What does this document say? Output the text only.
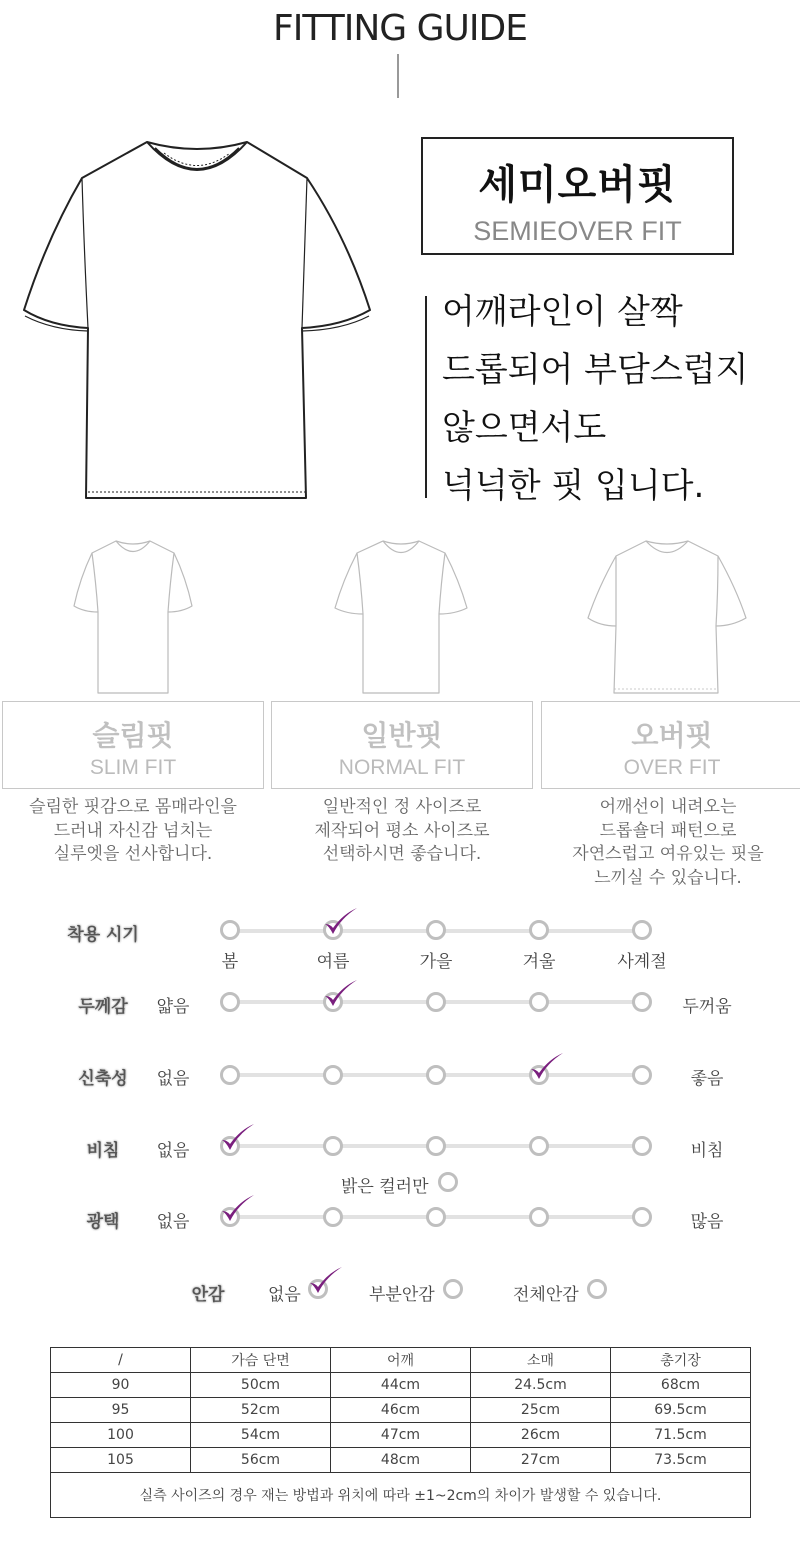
FITTING GUIDE
세미오버핏
SEMIEOVER FIT
어깨라인이 살짝
드롭되어 부담스럽지
않으면서도
넉넉한 핏 입니다.
슬림핏
SLIM FIT
일반핏
NORMAL FIT
오버핏
OVER FIT
슬림한 핏감으로 몸매라인을
드러내 자신감 넘치는
실루엣을 선사합니다.
일반적인 정 사이즈로
제작되어 평소 사이즈로
선택하시면 좋습니다.
어깨선이 내려오는
드롭숄더 패턴으로
자연스럽고 여유있는 핏을
느끼실 수 있습니다.
착용 시기
봄	여름	가을	겨울	사계절
두께감	얇음	두꺼움
신축성	없음	좋음
비침	없음	비침
밝은 컬러만
광택	없음	많음
안감	없음	부분안감	전체안감
/	가슴 단면	어깨	소매	총기장
90	50cm	44cm	24.5cm	68cm
95	52cm	46cm	25cm	69.5cm
100	54cm	47cm	26cm	71.5cm
105	56cm	48cm	27cm	73.5cm
실측 사이즈의 경우 재는 방법과 위치에 따라 ±1~2cm의 차이가 발생할 수 있습니다.				
